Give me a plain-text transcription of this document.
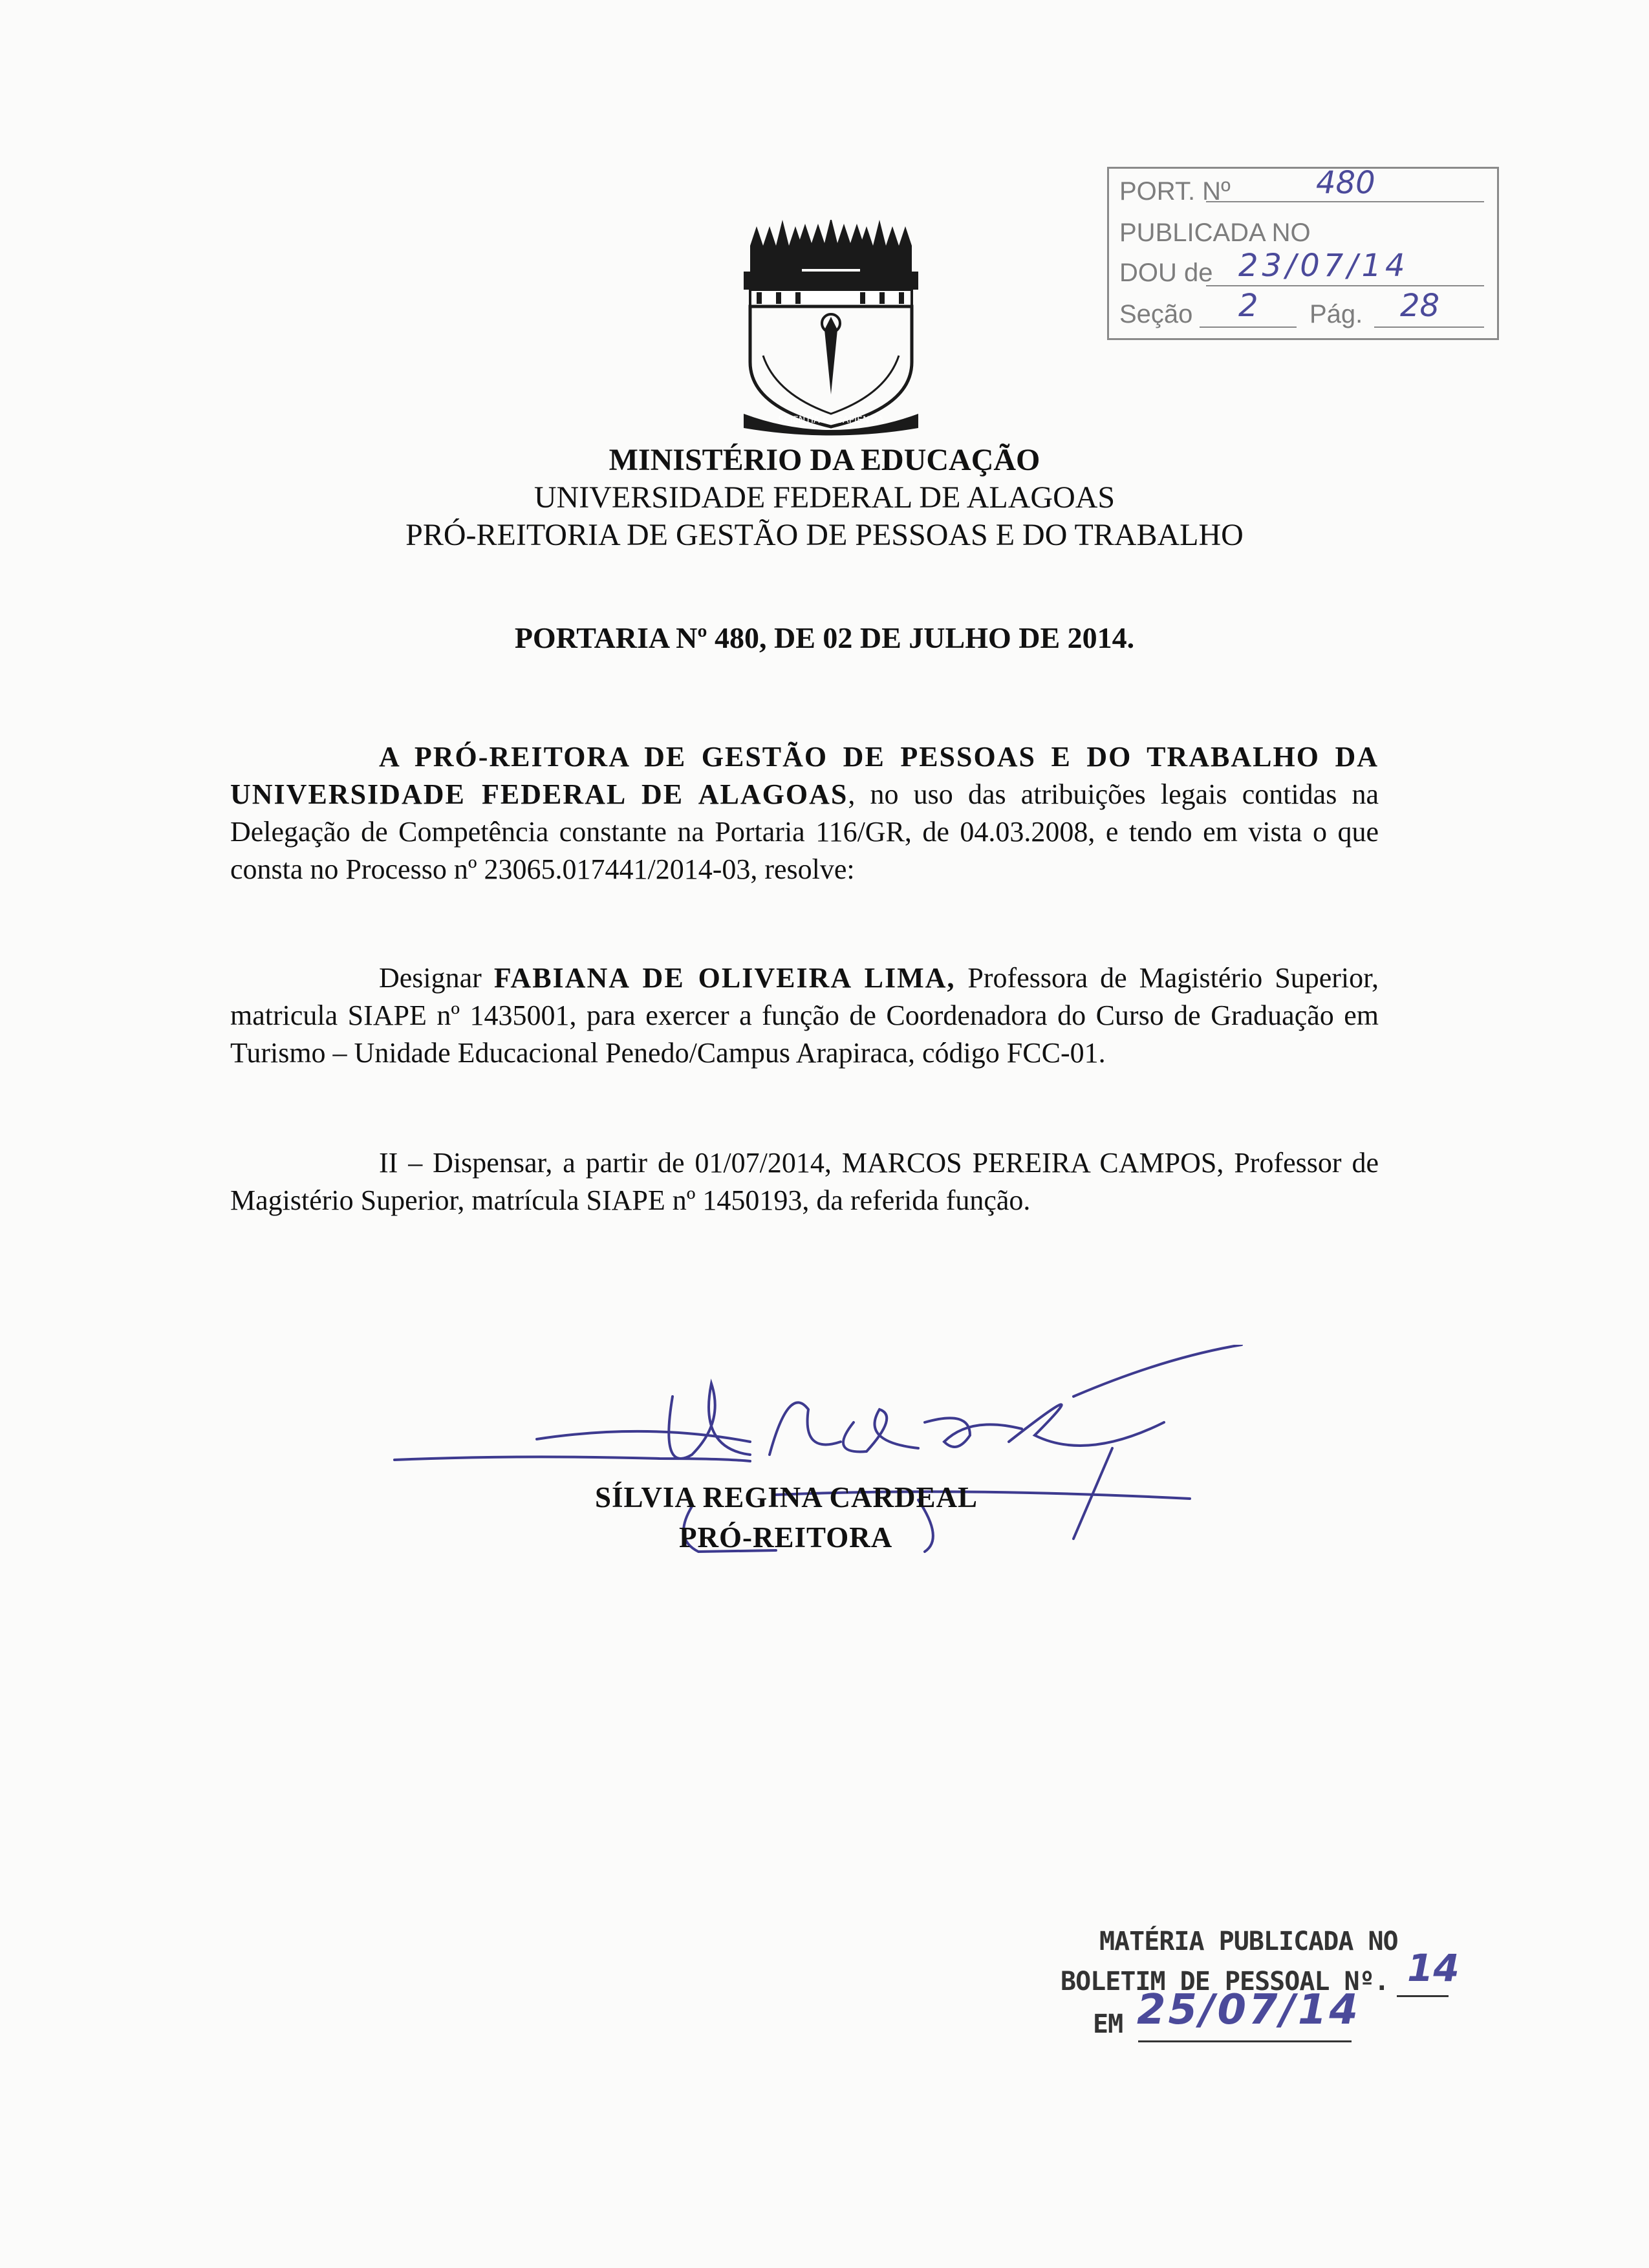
PORT. Nº	480
PUBLICADA NO
DOU de 23/07/14
Seção 2 Pág. 28
SCIENTIA ET SAPIENTIA
MINISTÉRIO DA EDUCAÇÃO
UNIVERSIDADE FEDERAL DE ALAGOAS
PRÓ-REITORIA DE GESTÃO DE PESSOAS E DO TRABALHO
PORTARIA Nº 480, DE 02 DE JULHO DE 2014.
A PRÓ-REITORA DE GESTÃO DE PESSOAS E DO TRABALHO DA UNIVERSIDADE FEDERAL DE ALAGOAS, no uso das atribuições legais contidas na Delegação de Competência constante na Portaria 116/GR, de 04.03.2008, e tendo em vista o que consta no Processo nº 23065.017441/2014-03, resolve:
Designar FABIANA DE OLIVEIRA LIMA, Professora de Magistério Superior, matricula SIAPE nº 1435001, para exercer a função de Coordenadora do Curso de Graduação em Turismo – Unidade Educacional Penedo/Campus Arapiraca, código FCC-01.
II – Dispensar, a partir de 01/07/2014, MARCOS PEREIRA CAMPOS, Professor de Magistério Superior, matrícula SIAPE nº 1450193, da referida função.
SÍLVIA REGINA CARDEAL
PRÓ-REITORA
MATÉRIA PUBLICADA NO
BOLETIM DE PESSOAL Nº. 14
EM 25/07/14
